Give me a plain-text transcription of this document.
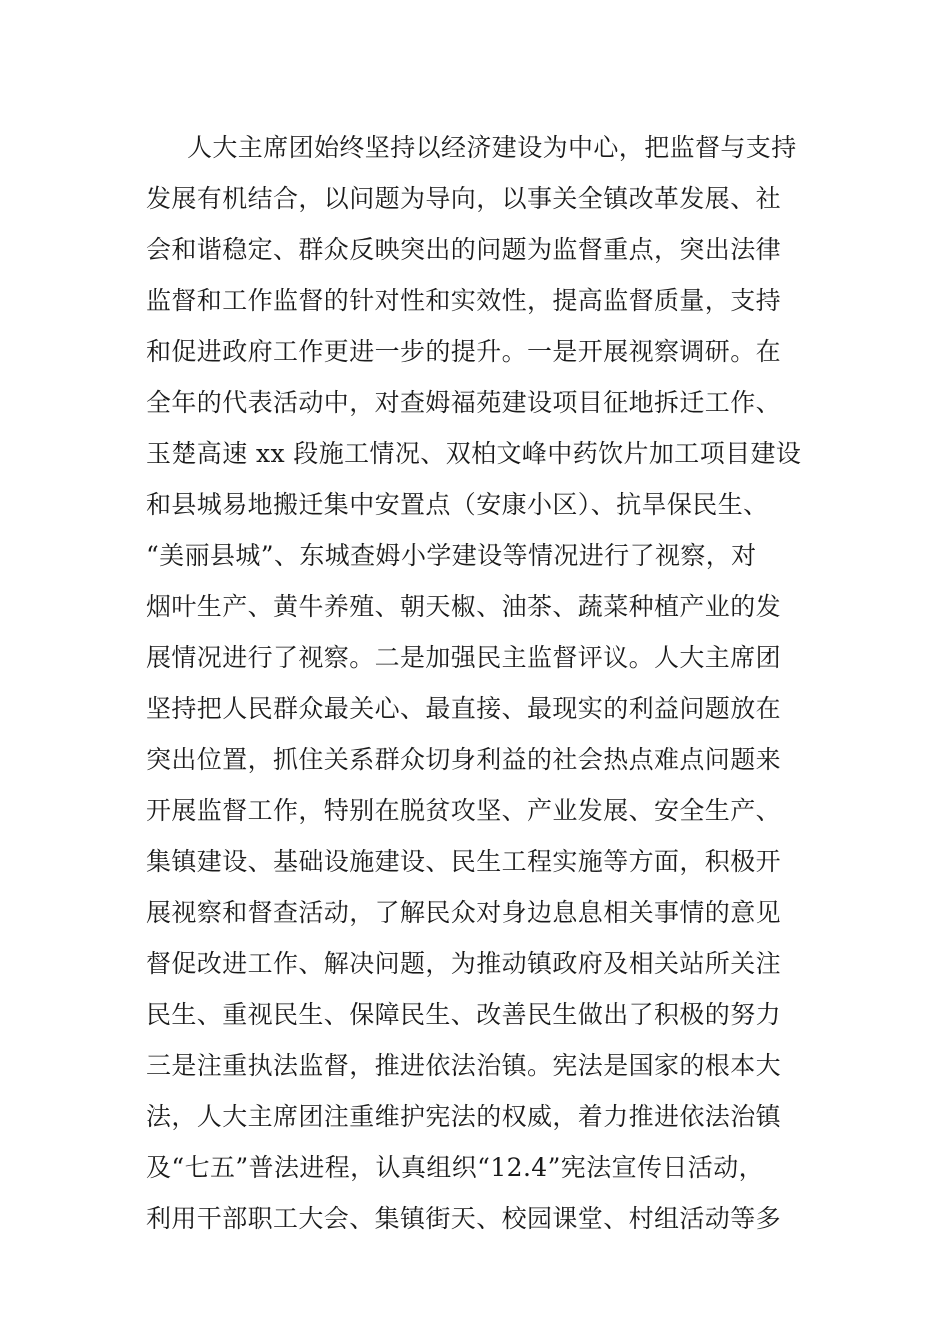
人大主席团始终坚持以经济建设为中心，把监督与支持
发展有机结合，以问题为导向，以事关全镇改革发展、社
会和谐稳定、群众反映突出的问题为监督重点，突出法律
监督和工作监督的针对性和实效性，提高监督质量，支持
和促进政府工作更进一步的提升。一是开展视察调研。在
全年的代表活动中，对查姆福苑建设项目征地拆迁工作、
玉楚高速 xx 段施工情况、双柏文峰中药饮片加工项目建设
和县城易地搬迁集中安置点（安康小区）、抗旱保民生、
“美丽县城”、东城查姆小学建设等情况进行了视察，对
烟叶生产、黄牛养殖、朝天椒、油茶、蔬菜种植产业的发
展情况进行了视察。二是加强民主监督评议。人大主席团
坚持把人民群众最关心、最直接、最现实的利益问题放在
突出位置，抓住关系群众切身利益的社会热点难点问题来
开展监督工作，特别在脱贫攻坚、产业发展、安全生产、
集镇建设、基础设施建设、民生工程实施等方面，积极开
展视察和督查活动，了解民众对身边息息相关事情的意见
督促改进工作、解决问题，为推动镇政府及相关站所关注
民生、重视民生、保障民生、改善民生做出了积极的努力
三是注重执法监督，推进依法治镇。宪法是国家的根本大
法，人大主席团注重维护宪法的权威，着力推进依法治镇
及“七五”普法进程，认真组织“12.4”宪法宣传日活动，
利用干部职工大会、集镇街天、校园课堂、村组活动等多
